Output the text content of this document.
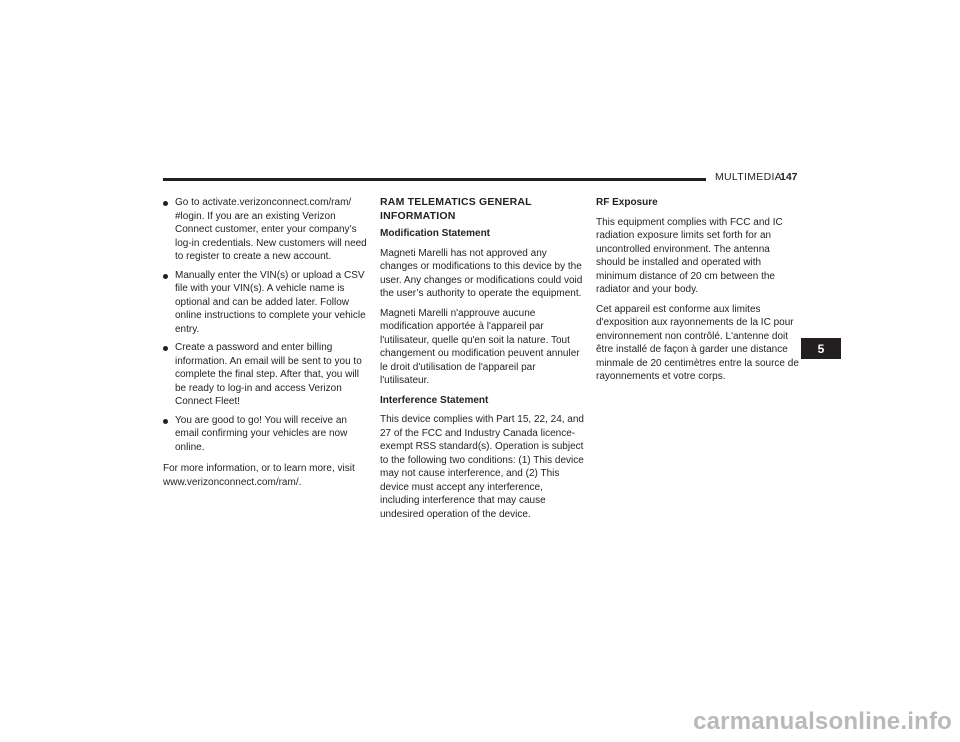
MULTIMEDIA
147
Go to activate.verizonconnect.com/ram/ #login. If you are an existing Verizon Connect customer, enter your company’s log-in credentials. New customers will need to register to create a new account.
Manually enter the VIN(s) or upload a CSV file with your VIN(s). A vehicle name is optional and can be added later. Follow online instructions to complete your vehicle entry.
Create a password and enter billing information. An email will be sent to you to complete the final step. After that, you will be ready to log-in and access Verizon Connect Fleet!
You are good to go! You will receive an email confirming your vehicles are now online.

For more information, or to learn more, visit www.verizonconnect.com/ram/.

RAM TELEMATICS GENERAL INFORMATION
Modification Statement

Magneti Marelli has not approved any changes or modifications to this device by the user. Any changes or modifications could void the user’s authority to operate the equipment.

Magneti Marelli n'approuve aucune modification apportée à l'appareil par l'utilisateur, quelle qu'en soit la nature. Tout changement ou modification peuvent annuler le droit d'utilisation de l'appareil par l'utilisateur.

Interference Statement

This device complies with Part 15, 22, 24, and 27 of the FCC and Industry Canada licence-exempt RSS standard(s). Operation is subject to the following two conditions: (1) This device may not cause interference, and (2) This device must accept any interference, including interference that may cause undesired operation of the device.

RF Exposure

This equipment complies with FCC and IC radiation exposure limits set forth for an uncontrolled environment. The antenna should be installed and operated with minimum distance of 20 cm between the radiator and your body.

Cet appareil est conforme aux limites d'exposition aux rayonnements de la IC pour environnement non contrôlé. L'antenne doit être installé de façon à garder une distance minmale de 20 centimètres entre la source de rayonnements et votre corps.

5
carmanualsonline.info
